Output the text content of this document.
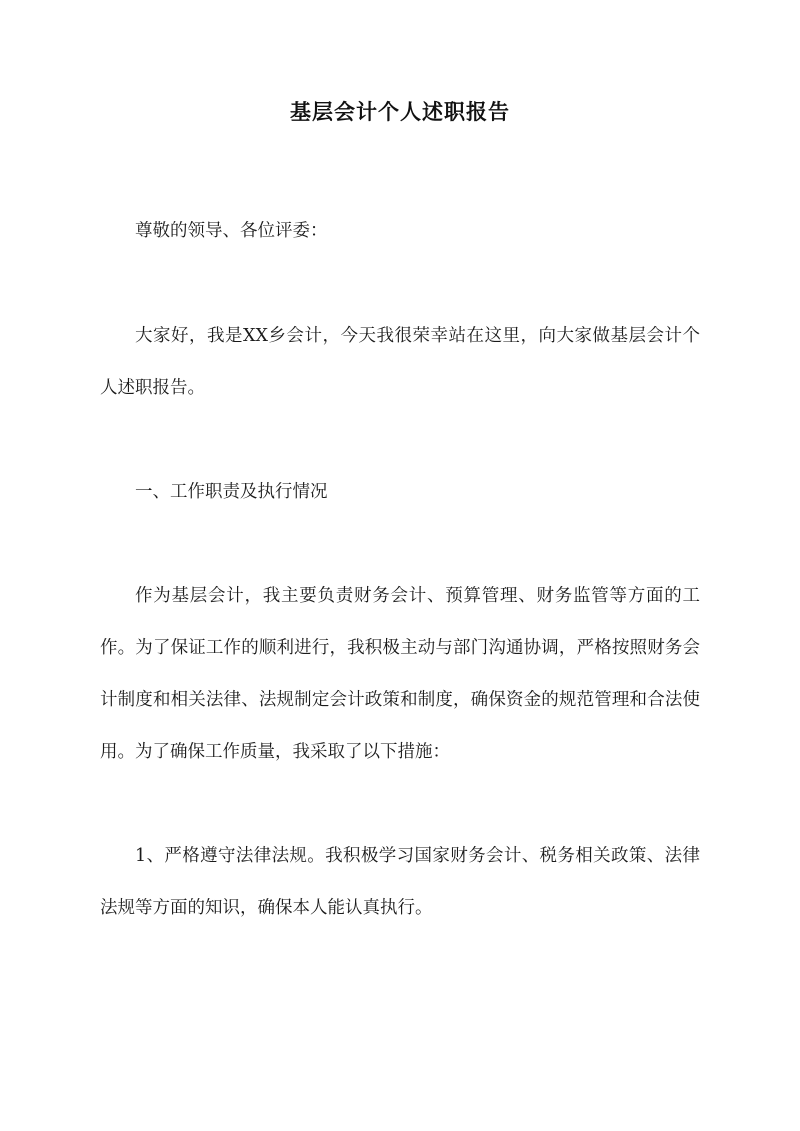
基层会计个人述职报告

尊敬的领导、各位评委：

大家好，我是XX乡会计，今天我很荣幸站在这里，向大家做基层会计个人述职报告。

一、工作职责及执行情况

作为基层会计，我主要负责财务会计、预算管理、财务监管等方面的工作。为了保证工作的顺利进行，我积极主动与部门沟通协调，严格按照财务会计制度和相关法律、法规制定会计政策和制度，确保资金的规范管理和合法使用。为了确保工作质量，我采取了以下措施：

1、严格遵守法律法规。我积极学习国家财务会计、税务相关政策、法律法规等方面的知识，确保本人能认真执行。
